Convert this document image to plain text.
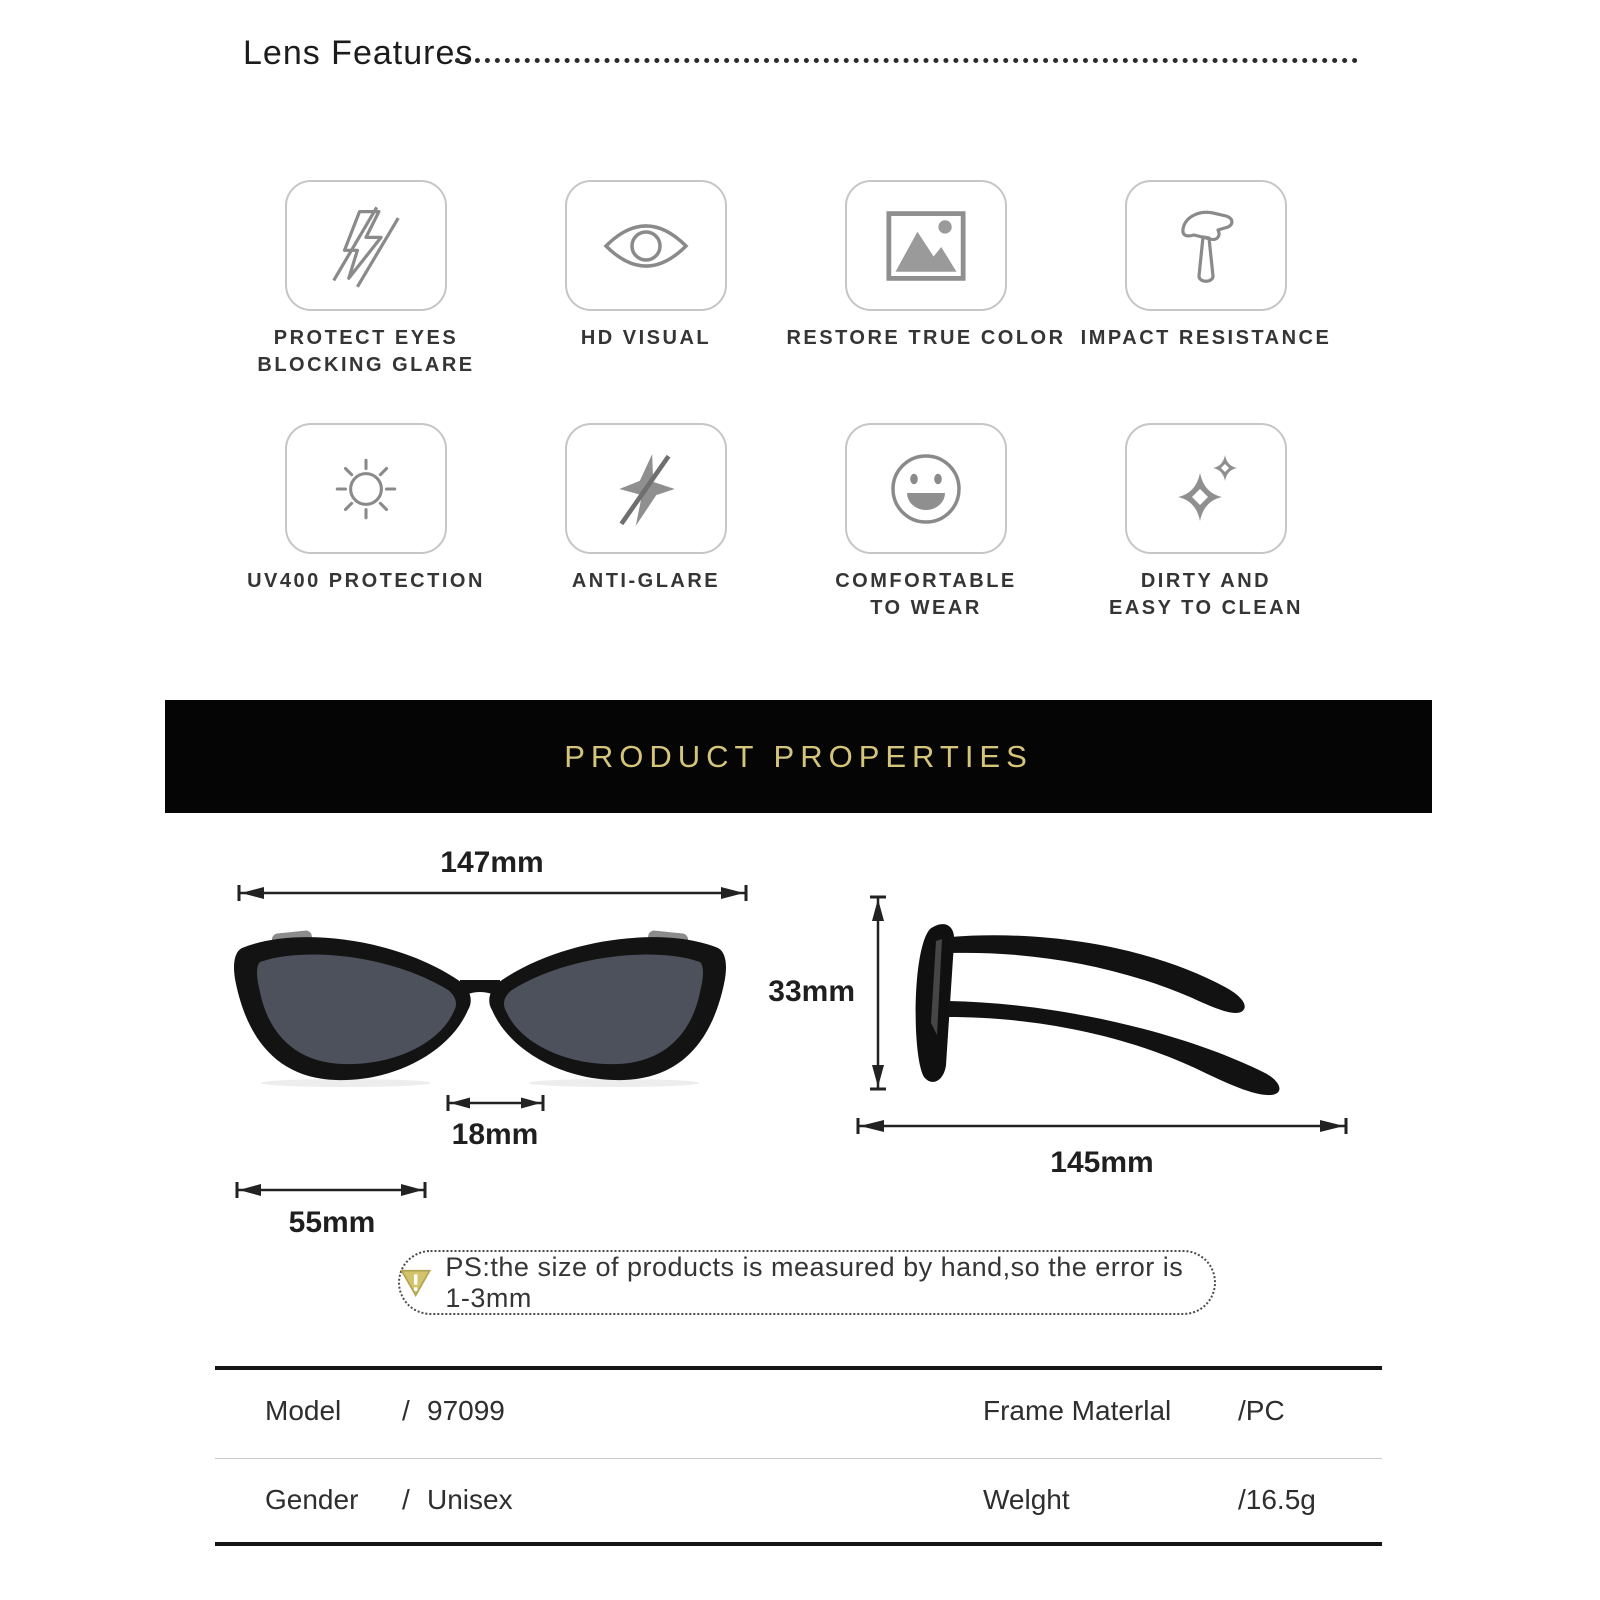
Lens Features
PROTECT EYES
BLOCKING GLARE
HD VISUAL	RESTORE TRUE COLOR IMPACT RESISTANCE
UV400 PROTECTION	ANTI-GLARE	COMFORTABLE
TO WEAR
DIRTY AND
EASY TO CLEAN
PRODUCT PROPERTIES
147mm
18mm
55mm
33mm
145mm
PS:the size of products is measured by hand,so the error is 1-3mm
Model / 97099	Frame Materlal /PC
Gender / Unisex	Welght	/16.5g
